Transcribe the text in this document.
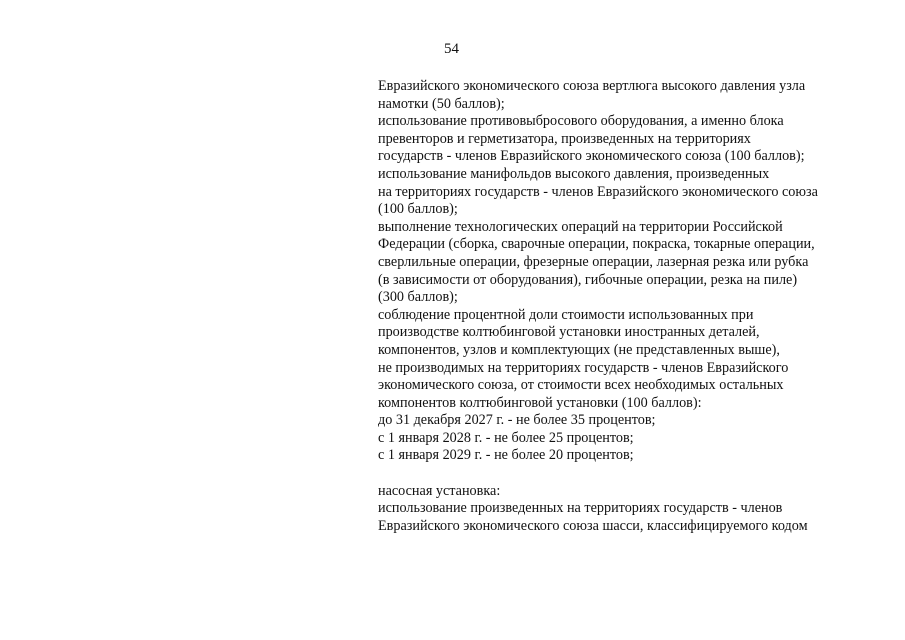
54
Евразийского экономического союза вертлюга высокого давления узла
намотки (50 баллов);
использование противовыбросового оборудования, а именно блока
превенторов и герметизатора, произведенных на территориях
государств - членов Евразийского экономического союза (100 баллов);
использование манифольдов высокого давления, произведенных
на территориях государств - членов Евразийского экономического союза
(100 баллов);
выполнение технологических операций на территории Российской
Федерации (сборка, сварочные операции, покраска, токарные операции,
сверлильные операции, фрезерные операции, лазерная резка или рубка
(в зависимости от оборудования), гибочные операции, резка на пиле)
(300 баллов);
соблюдение процентной доли стоимости использованных при
производстве колтюбинговой установки иностранных деталей,
компонентов, узлов и комплектующих (не представленных выше),
не производимых на территориях государств - членов Евразийского
экономического союза, от стоимости всех необходимых остальных
компонентов колтюбинговой установки (100 баллов):
до 31 декабря 2027 г. - не более 35 процентов;
с 1 января 2028 г. - не более 25 процентов;
с 1 января 2029 г. - не более 20 процентов;
насосная установка:
использование произведенных на территориях государств - членов
Евразийского экономического союза шасси, классифицируемого кодом
